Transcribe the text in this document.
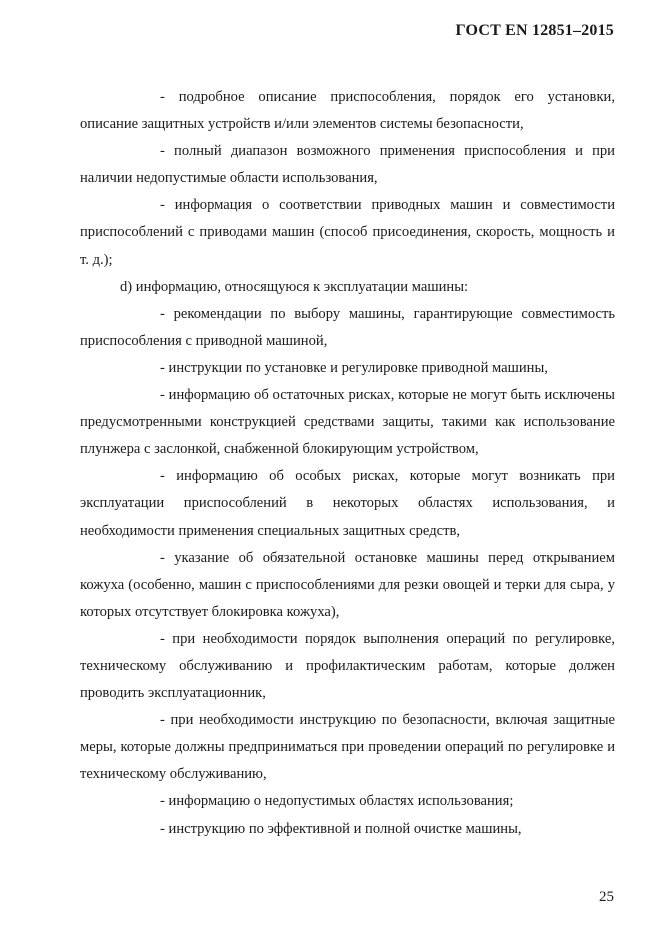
ГОСТ EN 12851–2015

- подробное описание приспособления, порядок его установки, описание защитных устройств и/или элементов системы безопасности,

- полный диапазон возможного применения приспособления и при наличии недопустимые области использования,

- информация о соответствии приводных машин и совместимости приспособлений с приводами машин (способ присоединения, скорость, мощность и т. д.);

d) информацию, относящуюся к эксплуатации машины:

- рекомендации по выбору машины, гарантирующие совместимость приспособления с приводной машиной,

- инструкции по установке и регулировке приводной машины,

- информацию об остаточных рисках, которые не могут быть исключены предусмотренными конструкцией средствами защиты, такими как использование плунжера с заслонкой, снабженной блокирующим устройством,

- информацию об особых рисках, которые могут возникать при эксплуатации приспособлений в некоторых областях использования, и необходимости применения специальных защитных средств,

- указание об обязательной остановке машины перед открыванием кожуха (особенно, машин с приспособлениями для резки овощей и терки для сыра, у которых отсутствует блокировка кожуха),

- при необходимости порядок выполнения операций по регулировке, техническому обслуживанию и профилактическим работам, которые должен проводить эксплуатационник,

- при необходимости инструкцию по безопасности, включая защитные меры, которые должны предприниматься при проведении операций по регулировке и техническому обслуживанию,

- информацию о недопустимых областях использования;

- инструкцию по эффективной и полной очистке машины,

25
